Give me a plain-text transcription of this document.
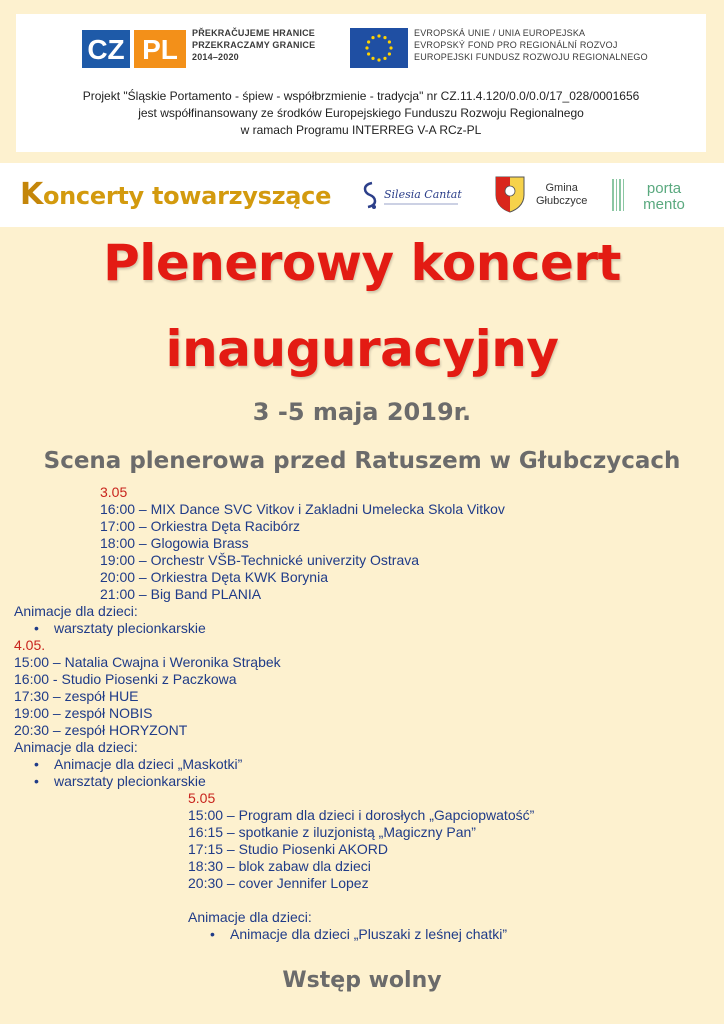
CZ PL
PŘEKRAČUJEME HRANICE
PRZEKRACZAMY GRANICE
2014–2020
EVROPSKÁ UNIE / UNIA EUROPEJSKA
EVROPSKÝ FOND PRO REGIONÁLNÍ ROZVOJ
EUROPEJSKI FUNDUSZ ROZWOJU REGIONALNEGO
Projekt "Śląskie Portamento - śpiew - współbrzmienie - tradycja" nr CZ.11.4.120/0.0/0.0/17_028/0001656
jest współfinansowany ze środków Europejskiego Funduszu Rozwoju Regionalnego
w ramach Programu INTERREG V-A RCz-PL
Koncerty towarzyszące	Silesia Cantat	Gmina
Głubczyce
porta
mento
Plenerowy koncert
inauguracyjny
3 -5 maja 2019r.
Scena plenerowa przed Ratuszem w Głubczycach
3.05
16:00 – MIX Dance SVC Vitkov i Zakladni Umelecka Skola Vitkov
17:00 – Orkiestra Dęta Racibórz
18:00 – Glogowia Brass
19:00 – Orchestr VŠB-Technické univerzity Ostrava
20:00 – Orkiestra Dęta KWK Borynia
21:00 – Big Band PLANIA
Animacje dla dzieci:
• warsztaty plecionkarskie
4.05.
15:00 – Natalia Cwajna i Weronika Strąbek
16:00 - Studio Piosenki z Paczkowa
17:30 – zespół HUE
19:00 – zespół NOBIS
20:30 – zespół HORYZONT
Animacje dla dzieci:
• Animacje dla dzieci „Maskotki”
• warsztaty plecionkarskie
5.05
15:00 – Program dla dzieci i dorosłych „Gapciopwatość”
16:15 – spotkanie z iluzjonistą „Magiczny Pan”
17:15 – Studio Piosenki AKORD
18:30 – blok zabaw dla dzieci
20:30 – cover Jennifer Lopez
Animacje dla dzieci:
• Animacje dla dzieci „Pluszaki z leśnej chatki”
Wstęp wolny
